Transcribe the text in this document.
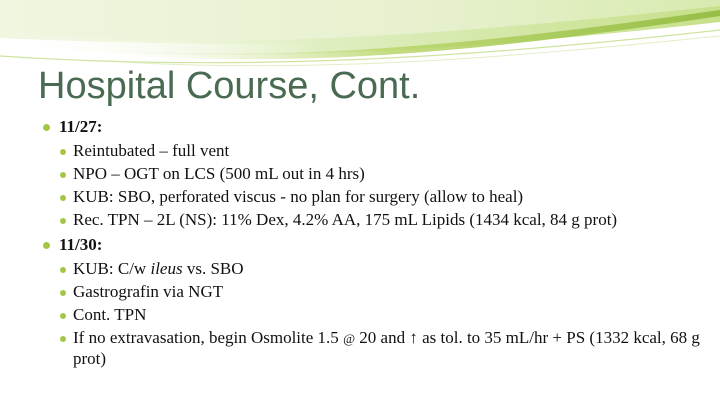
Hospital Course, Cont.
11/27:
Reintubated – full vent
NPO – OGT on LCS (500 mL out in 4 hrs)
KUB: SBO, perforated viscus - no plan for surgery (allow to heal)
Rec. TPN – 2L (NS): 11% Dex, 4.2% AA, 175 mL Lipids (1434 kcal, 84 g prot)
11/30:
KUB: C/w ileus vs. SBO
Gastrografin via NGT
Cont. TPN
If no extravasation, begin Osmolite 1.5 @ 20 and ↑ as tol. to 35 mL/hr + PS (1332 kcal, 68 g prot)
